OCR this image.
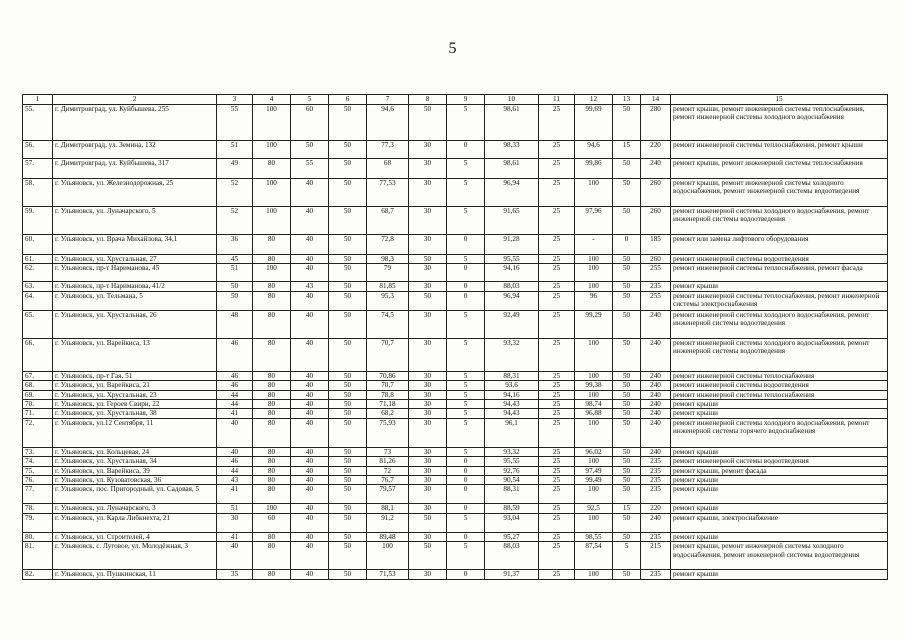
5
1	2	3	4	5	6	7	8	9	10	11	12	13	14	15
55.	г. Димитровград, ул. Куйбышева, 255	55	100	60	50	94,6	50	5	98,61	25	99,69	50	280	ремонт крыши, ремонт инженерной системы теплоснабжения, ремонт инженерной системы холодного водоснабжения
56.	г. Димитровград, ул. Земина, 132	51	100	50	50	77,3	30	0	98,33	25	94,6	15	220	ремонт инженерной системы теплоснабжения, ремонт крыши
57.	г. Димитровград, ул. Куйбышева, 317	49	80	55	50	68	30	5	98,61	25	99,86	50	240	ремонт крыши, ремонт инженерной системы теплоснабжения
58.	г. Ульяновск, ул. Железнодорожная, 25	52	100	40	50	77,53	30	5	96,94	25	100	50	260	ремонт крыши, ремонт инженерной системы холодного водоснабжения, ремонт инженерной системы водоотведения
59.	г. Ульяновск, ул. Луначарского, 5	52	100	40	50	68,7	30	5	91,65	25	97,96	50	260	ремонт инженерной системы холодного водоснабжения, ремонт инженерной системы водоотведения
60.	г. Ульяновск, ул. Врача Михайлова, 34,1	36	80	40	50	72,8	30	0	91,28	25	-	0	185	ремонт или замена лифтового оборудования
61.	г. Ульяновск, ул. Хрустальная, 27	45	80	40	50	98,3	50	5	95,55	25	100	50	260	ремонт инженерной системы водоотведения
62.	г. Ульяновск, пр-т Нариманова, 45	51	100	40	50	79	30	0	94,16	25	100	50	255	ремонт инженерной системы теплоснабжения, ремонт фасада
63.	г. Ульяновск, пр-т Нариманова, 41/2	50	80	43	50	81,85	30	0	88,03	25	100	50	235	ремонт крыши
64.	г. Ульяновск, ул. Тельмана, 5	50	80	40	50	95,3	50	0	96,94	25	96	50	255	ремонт инженерной системы теплоснабжения, ремонт инженерной системы электроснабжения
65.	г. Ульяновск, ул. Хрустальная, 26	48	80	40	50	74,5	30	5	92,49	25	99,29	50	240	ремонт инженерной системы холодного водоснабжения, ремонт инженерной системы водоотведения
66.	г. Ульяновск, ул. Варейкиса, 13	46	80	40	50	70,7	30	5	93,32	25	100	50	240	ремонт инженерной системы холодного водоснабжения, ремонт инженерной системы водоотведения
67.	г. Ульяновск, пр-т Гая, 51	46	80	40	50	70,86	30	5	88,31	25	100	50	240	ремонт инженерной системы теплоснабжения
68.	г. Ульяновск, ул. Варейкиса, 21	46	80	40	50	70,7	30	5	93,6	25	99,38	50	240	ремонт инженерной системы водоотведения
69.	г. Ульяновск, ул. Хрустальная, 23	44	80	40	50	78,8	30	5	94,16	25	100	50	240	ремонт инженерной системы теплоснабжения
70.	г. Ульяновск, ул. Героев Свири, 22	44	80	40	50	71,18	30	5	94,43	25	98,74	50	240	ремонт крыши
71.	г. Ульяновск, ул. Хрустальная, 38	41	80	40	50	68,2	30	5	94,43	25	96,88	50	240	ремонт крыши
72.	г. Ульяновск, ул.12 Сентября, 11	40	80	40	50	75,93	30	5	96,1	25	100	50	240	ремонт инженерной системы холодного водоснабжения, ремонт инженерной системы горячего водоснабжения
73.	г. Ульяновск, ул. Кольцевая, 24	40	80	40	50	73	30	5	93,32	25	96,02	50	240	ремонт крыши
74.	г. Ульяновск, ул. Хрустальная, 34	46	80	40	50	81,26	30	0	95,55	25	100	50	235	ремонт инженерной системы водоотведения
75.	г. Ульяновск, ул. Варейкиса, 39	44	80	40	50	72	30	0	92,76	25	97,49	50	235	ремонт крыши, ремонт фасада
76.	г. Ульяновск, ул. Кузоватовская, 36	43	80	40	50	76,7	30	0	90,54	25	99,49	50	235	ремонт крыши
77.	г. Ульяновск, пос. Пригородный, ул. Садовая, 5	41	80	40	50	79,57	30	0	88,31	25	100	50	235	ремонт крыши
78.	г. Ульяновск, ул. Луначарского, 3	51	100	40	50	88,1	30	0	88,59	25	92,5	15	220	ремонт крыши
79.	г. Ульяновск, ул. Карла Либкнехта, 21	30	60	40	50	91,2	50	5	93,04	25	100	50	240	ремонт крыши, электроснабжение
80.	г. Ульяновск, ул. Строителей, 4	41	80	40	50	89,48	30	0	95,27	25	98,55	50	235	ремонт крыши
81.	г. Ульяновск, с. Луговое, ул. Молодёжная, 3	40	80	40	50	100	50	5	88,03	25	87,54	5	215	ремонт крыши, ремонт инженерной системы холодного водоснабжения, ремонт инженерной системы водоотведения
82.	г. Ульяновск, ул. Пушкинская, 11	35	80	40	50	71,53	30	0	91,37	25	100	50	235	ремонт крыши
